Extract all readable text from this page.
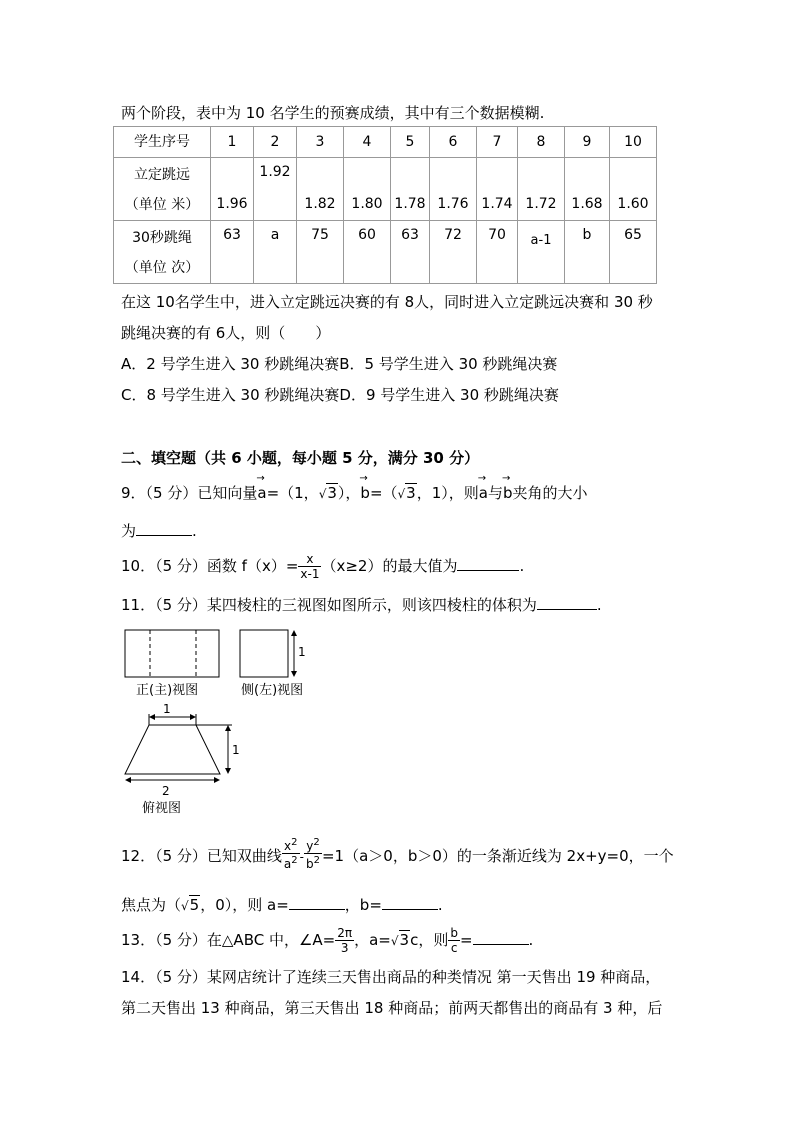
两个阶段，表中为 10 名学生的预赛成绩，其中有三个数据模糊.
学生序号	1	2	3	4	5	6	7	8	9	10

立定跳远
（单位 米）	1.96	1.92	1.82	1.80	1.78	1.76	1.74	1.72	1.68	1.60

30秒跳绳
（单位 次）	63	a	75	60	63	72	70	a-1	b	65
在这 10名学生中，进入立定跳远决赛的有 8人，同时进入立定跳远决赛和 30 秒
跳绳决赛的有 6人，则（　　）
A．2 号学生进入 30 秒跳绳决赛B．5 号学生进入 30 秒跳绳决赛
C．8 号学生进入 30 秒跳绳决赛D．9 号学生进入 30 秒跳绳决赛
二、填空题（共 6 小题，每小题 5 分，满分 30 分）
9．（5 分）已知向量→ a=（1，√3），→ b=（√3，1），则→ a与→ b夹角的大小
为	.
10．（5 分）函数 $f(x)= \frac{x}{x-1} (x\ge 2)$的最大值为	.
11．（5 分）某四棱柱的三视图如图所示，则该四棱柱的体积为	.
正(主)视图
1
侧(左)视图
1
1
2
俯视图
12．（5 分）已知双曲线 $\frac{x^2}{a^2} - \frac{y^2}{b^2} =1(a>0$，b＞0）的一条渐近线为 2x+y=0，一个
焦点为（√5，0），则 a=	，b=	.
13．（5 分）在△ABC 中，∠A= $\frac{2\pi}{3}$ ，a=√3c，则 $\frac{b}{c}$ =	.
14．（5 分）某网店统计了连续三天售出商品的种类情况 第一天售出 19 种商品，
第二天售出 13 种商品，第三天售出 18 种商品；前两天都售出的商品有 3 种，后
